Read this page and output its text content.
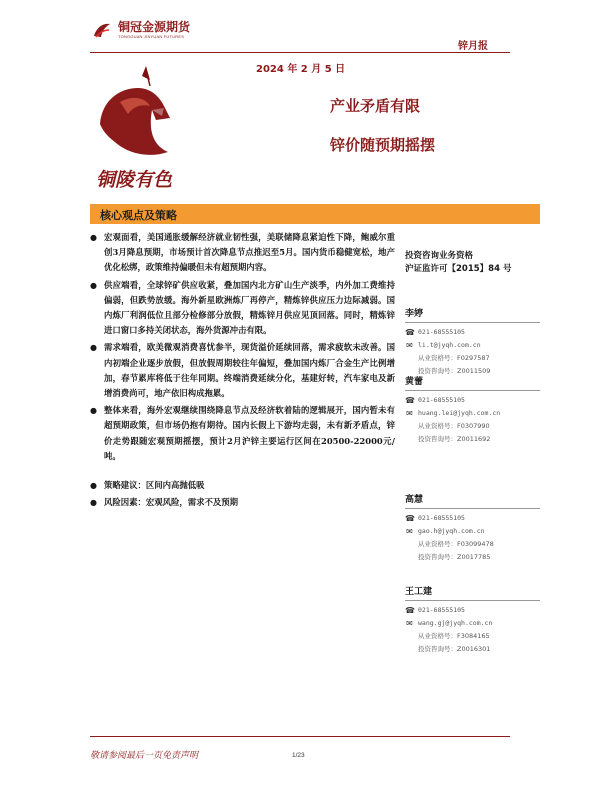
铜冠金源期货
TONGGUAN JINYUAN FUTURES
锌月报
2024 年 2 月 5 日
铜陵有色
产业矛盾有限
锌价随预期摇摆
核心观点及策略
● 宏观面看，美国通胀缓解经济就业韧性强，美联储降息紧迫性下降，鲍威尔重创3月降息预期，市场预计首次降息节点推迟至5月。国内货币稳健宽松，地产优化松绑，政策维持偏暖但未有超预期内容。
● 供应端看，全球锌矿供应收紧，叠加国内北方矿山生产淡季，内外加工费维持偏弱，但跌势放缓。海外新星欧洲炼厂再停产，精炼锌供应压力边际减弱。国内炼厂利润低位且部分检修部分放假，精炼锌月供应见顶回落。同时，精炼锌进口窗口多持关闭状态，海外货源冲击有限。
● 需求端看，欧美微观消费喜忧参半，现货溢价延续回落，需求疲软未改善。国内初端企业逐步放假，但放假周期较往年偏短，叠加国内炼厂合金生产比例增加，春节累库将低于往年同期。终端消费延续分化，基建好转，汽车家电及新增消费尚可，地产依旧构成拖累。
● 整体来看，海外宏观继续围绕降息节点及经济软着陆的逻辑展开，国内暂未有超预期政策，但市场仍抱有期待。国内长假上下游均走弱，未有新矛盾点，锌价走势跟随宏观预期摇摆，预计2月沪锌主要运行区间在20500-22000元/吨。
● 策略建议：区间内高抛低吸
● 风险因素：宏观风险，需求不及预期
投资咨询业务资格
沪证监许可【2015】84 号
李婷
☎ 021-68555105
✉ li.t@jyqh.com.cn
从业资格号：F0297587
投资咨询号：Z0011509
黄蕾
☎ 021-68555105
✉ huang.lei@jyqh.com.cn
从业资格号：F0307990
投资咨询号：Z0011692
高慧
☎ 021-68555105
✉ gao.h@jyqh.com.cn
从业资格号：F03099478
投资咨询号：Z0017785
王工建
☎ 021-68555105
✉ wang.gj@jyqh.com.cn
从业资格号：F3084165
投资咨询号：Z0016301
敬请参阅最后一页免责声明	1/23
